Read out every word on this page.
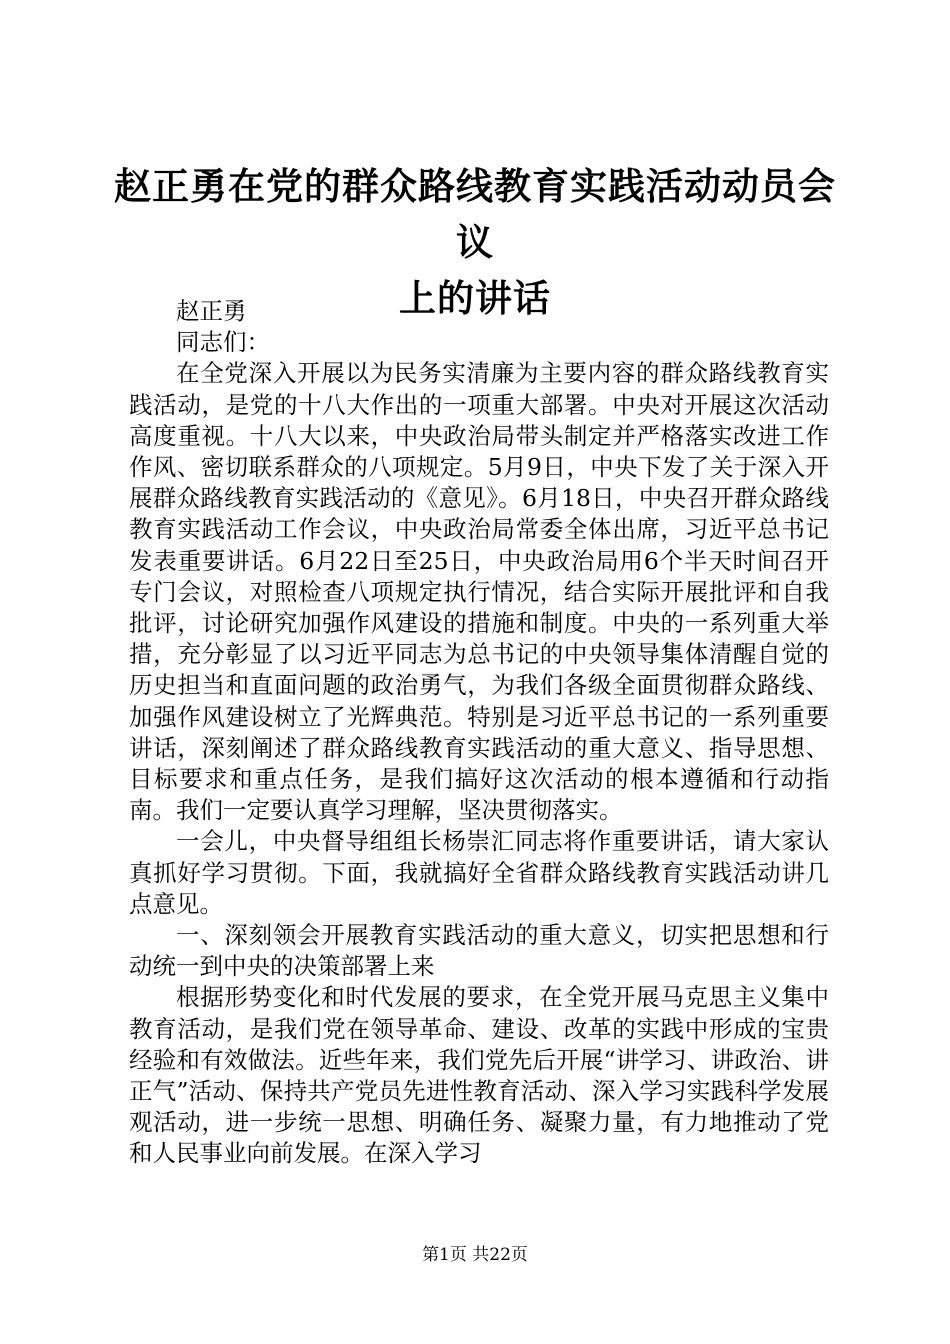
赵正勇在党的群众路线教育实践活动动员会议
上的讲话

赵正勇

同志们：

在全党深入开展以为民务实清廉为主要内容的群众路线教育实践活动，是党的十八大作出的一项重大部署。中央对开展这次活动高度重视。十八大以来，中央政治局带头制定并严格落实改进工作作风、密切联系群众的八项规定。5月9日，中央下发了关于深入开展群众路线教育实践活动的《意见》。6月18日，中央召开群众路线教育实践活动工作会议，中央政治局常委全体出席，习近平总书记发表重要讲话。6月22日至25日，中央政治局用6个半天时间召开专门会议，对照检查八项规定执行情况，结合实际开展批评和自我批评，讨论研究加强作风建设的措施和制度。中央的一系列重大举措，充分彰显了以习近平同志为总书记的中央领导集体清醒自觉的历史担当和直面问题的政治勇气，为我们各级全面贯彻群众路线、加强作风建设树立了光辉典范。特别是习近平总书记的一系列重要讲话，深刻阐述了群众路线教育实践活动的重大意义、指导思想、目标要求和重点任务，是我们搞好这次活动的根本遵循和行动指南。我们一定要认真学习理解，坚决贯彻落实。

一会儿，中央督导组组长杨崇汇同志将作重要讲话，请大家认真抓好学习贯彻。下面，我就搞好全省群众路线教育实践活动讲几点意见。

一、深刻领会开展教育实践活动的重大意义，切实把思想和行动统一到中央的决策部署上来

根据形势变化和时代发展的要求，在全党开展马克思主义集中教育活动，是我们党在领导革命、建设、改革的实践中形成的宝贵经验和有效做法。近些年来，我们党先后开展“讲学习、讲政治、讲正气”活动、保持共产党员先进性教育活动、深入学习实践科学发展观活动，进一步统一思想、明确任务、凝聚力量，有力地推动了党和人民事业向前发展。在深入学习

第1页 共22页
